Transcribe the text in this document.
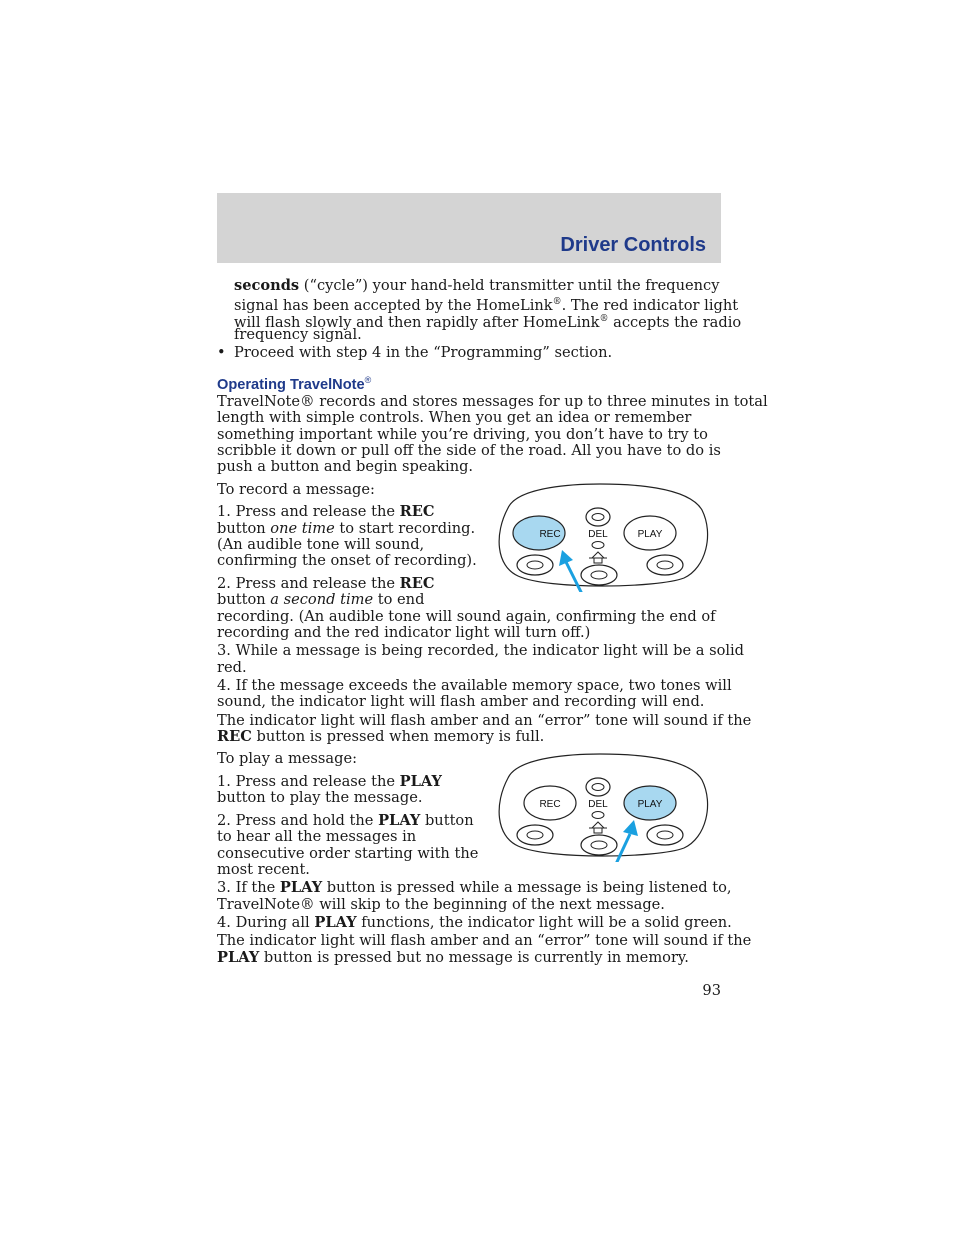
Driver Controls

seconds (“cycle”) your hand-held transmitter until the frequency

signal has been accepted by the HomeLink®. The red indicator light

will flash slowly and then rapidly after HomeLink® accepts the radio

frequency signal.

• Proceed with step 4 in the “Programming” section.
Operating TravelNote®

TravelNote® records and stores messages for up to three minutes in total

length with simple controls. When you get an idea or remember

something important while you’re driving, you don’t have to try to

scribble it down or pull off the side of the road. All you have to do is

push a button and begin speaking.

To record a message:

1. Press and release the REC

button one time to start recording.

(An audible tone will sound,

confirming the onset of recording).

2. Press and release the REC

button a second time to end

recording. (An audible tone will sound again, confirming the end of

recording and the red indicator light will turn off.)

3. While a message is being recorded, the indicator light will be a solid

red.

4. If the message exceeds the available memory space, two tones will

sound, the indicator light will flash amber and recording will end.

The indicator light will flash amber and an “error” tone will sound if the

REC button is pressed when memory is full.

REC	DEL	PLAY

To play a message:

1. Press and release the PLAY

button to play the message.

2. Press and hold the PLAY button

to hear all the messages in

consecutive order starting with the

most recent.

3. If the PLAY button is pressed while a message is being listened to,

TravelNote® will skip to the beginning of the next message.

4. During all PLAY functions, the indicator light will be a solid green.

The indicator light will flash amber and an “error” tone will sound if the

PLAY button is pressed but no message is currently in memory.

REC	DEL	PLAY
93
